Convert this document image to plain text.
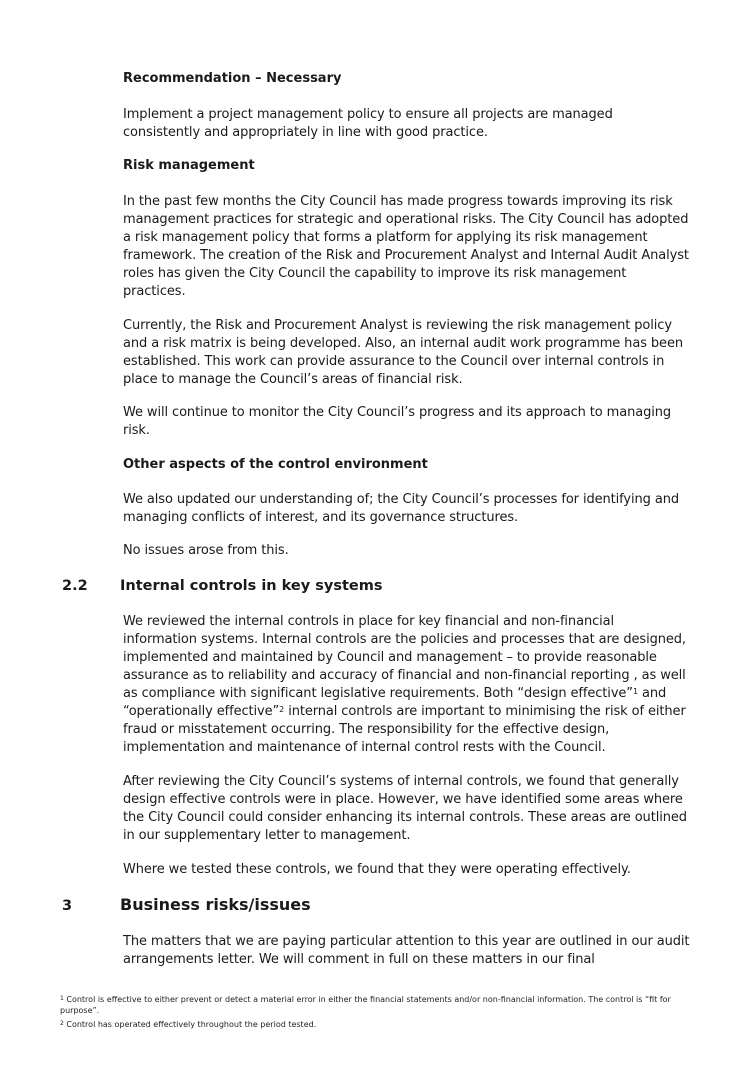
Recommendation – Necessary

Implement a project management policy to ensure all projects are managed consistently and appropriately in line with good practice.

Risk management

In the past few months the City Council has made progress towards improving its risk management practices for strategic and operational risks. The City Council has adopted a risk management policy that forms a platform for applying its risk management framework. The creation of the Risk and Procurement Analyst and Internal Audit Analyst roles has given the City Council the capability to improve its risk management practices.

Currently, the Risk and Procurement Analyst is reviewing the risk management policy and a risk matrix is being developed. Also, an internal audit work programme has been established. This work can provide assurance to the Council over internal controls in place to manage the Council’s areas of financial risk.

We will continue to monitor the City Council’s progress and its approach to managing risk.

Other aspects of the control environment

We also updated our understanding of; the City Council’s processes for identifying and managing conflicts of interest, and its governance structures.

No issues arose from this.

2.2 Internal controls in key systems

We reviewed the internal controls in place for key financial and non-financial information systems. Internal controls are the policies and processes that are designed, implemented and maintained by Council and management – to provide reasonable assurance as to reliability and accuracy of financial and non-financial reporting , as well as compliance with significant legislative requirements. Both “design effective”$^1$ and “operationally effective”$^2$ internal controls are important to minimising the risk of either fraud or misstatement occurring. The responsibility for the effective design, implementation and maintenance of internal control rests with the Council.

After reviewing the City Council’s systems of internal controls, we found that generally design effective controls were in place. However, we have identified some areas where the City Council could consider enhancing its internal controls. These areas are outlined in our supplementary letter to management.

Where we tested these controls, we found that they were operating effectively.

3	Business risks/issues

The matters that we are paying particular attention to this year are outlined in our audit arrangements letter. We will comment in full on these matters in our final

$^1$ Control is effective to either prevent or detect a material error in either the financial statements and/or non-financial information. The control is “fit for purpose”.
$^2$ Control has operated effectively throughout the period tested.
